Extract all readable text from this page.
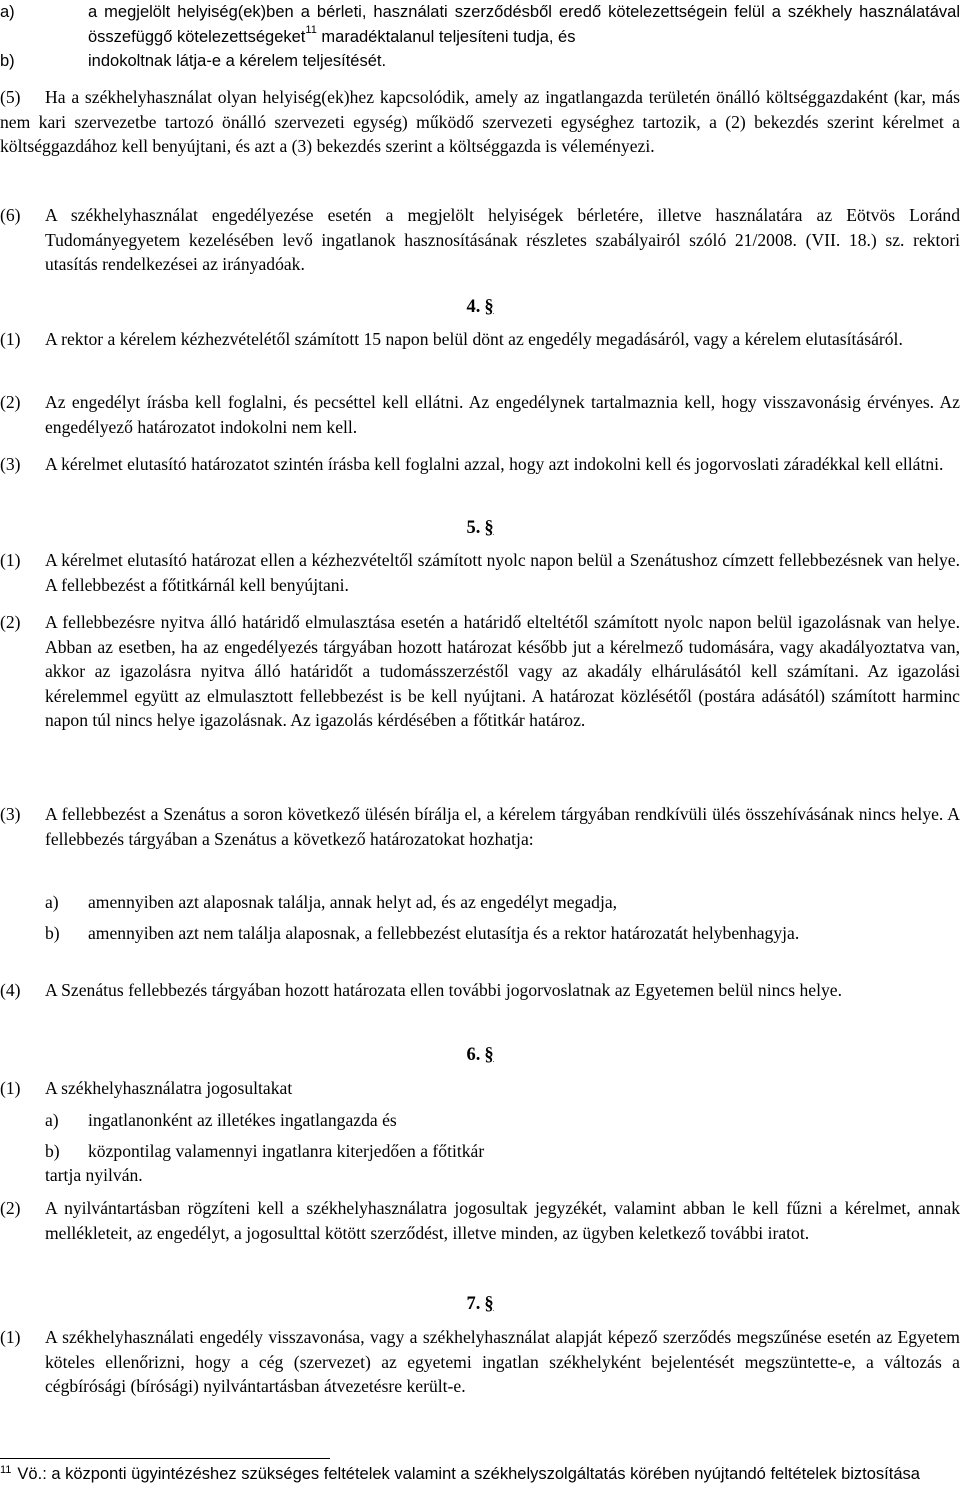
a)	a megjelölt helyiség(ek)ben a bérleti, használati szerződésből eredő kötelezettségein felül a székhely használatával összefüggő kötelezettségeket$^{11}$ maradéktalanul teljesíteni tudja, és
b)	indokoltnak látja-e a kérelem teljesítését.
(5)	Ha a székhelyhasználat olyan helyiség(ek)hez kapcsolódik, amely az ingatlangazda területén önálló költséggazdaként (kar, más nem kari szervezetbe tartozó önálló szervezeti egység) működő szervezeti egységhez tartozik, a (2) bekezdés szerint kérelmet a költséggazdához kell benyújtani, és azt a (3) bekezdés szerint a költséggazda is véleményezi.
(6) A székhelyhasználat engedélyezése esetén a megjelölt helyiségek bérletére, illetve használatára az Eötvös Loránd Tudományegyetem kezelésében levő ingatlanok hasznosításának részletes szabályairól szóló 21/2008. (VII. 18.) sz. rektori utasítás rendelkezései az irányadóak.
4. §
(1) A rektor a kérelem kézhezvételétől számított 15 napon belül dönt az engedély megadásáról, vagy a kérelem elutasításáról.
(2) Az engedélyt írásba kell foglalni, és pecséttel kell ellátni. Az engedélynek tartalmaznia kell, hogy visszavonásig érvényes. Az engedélyező határozatot indokolni nem kell.
(3) A kérelmet elutasító határozatot szintén írásba kell foglalni azzal, hogy azt indokolni kell és jogorvoslati záradékkal kell ellátni.
5. §
(1) A kérelmet elutasító határozat ellen a kézhezvételtől számított nyolc napon belül a Szenátushoz címzett fellebbezésnek van helye. A fellebbezést a főtitkárnál kell benyújtani.
(2) A fellebbezésre nyitva álló határidő elmulasztása esetén a határidő elteltétől számított nyolc napon belül igazolásnak van helye. Abban az esetben, ha az engedélyezés tárgyában hozott határozat később jut a kérelmező tudomására, vagy akadályoztatva van, akkor az igazolásra nyitva álló határidőt a tudomásszerzéstől vagy az akadály elhárulásától kell számítani. Az igazolási kérelemmel együtt az elmulasztott fellebbezést is be kell nyújtani. A határozat közlésétől (postára adásától) számított harminc napon túl nincs helye igazolásnak. Az igazolás kérdésében a főtitkár határoz.
(3) A fellebbezést a Szenátus a soron következő ülésén bírálja el, a kérelem tárgyában rendkívüli ülés összehívásának nincs helye. A fellebbezés tárgyában a Szenátus a következő határozatokat hozhatja:
a) amennyiben azt alaposnak találja, annak helyt ad, és az engedélyt megadja,
b) amennyiben azt nem találja alaposnak, a fellebbezést elutasítja és a rektor határozatát helybenhagyja.
(4) A Szenátus fellebbezés tárgyában hozott határozata ellen további jogorvoslatnak az Egyetemen belül nincs helye.
6. §
(1) A székhelyhasználatra jogosultakat
a) ingatlanonként az illetékes ingatlangazda és
b) központilag valamennyi ingatlanra kiterjedően a főtitkár
tartja nyilván.
(2) A nyilvántartásban rögzíteni kell a székhelyhasználatra jogosultak jegyzékét, valamint abban le kell fűzni a kérelmet, annak mellékleteit, az engedélyt, a jogosulttal kötött szerződést, illetve minden, az ügyben keletkező további iratot.
7. §
(1) A székhelyhasználati engedély visszavonása, vagy a székhelyhasználat alapját képező szerződés megszűnése esetén az Egyetem köteles ellenőrizni, hogy a cég (szervezet) az egyetemi ingatlan székhelyként bejelentését megszüntette-e, a változás a cégbírósági (bírósági) nyilvántartásban átvezetésre került-e.
$^{11}$ Vö.: a központi ügyintézéshez szükséges feltételek valamint a székhelyszolgáltatás körében nyújtandó feltételek biztosítása
